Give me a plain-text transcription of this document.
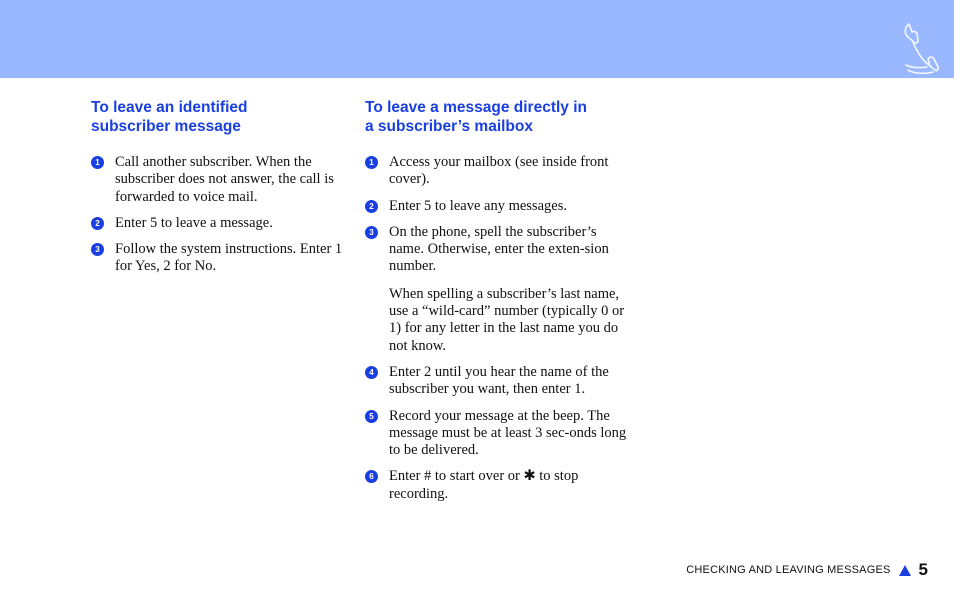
To leave an identified
subscriber message
1 Call another subscriber. When the subscriber does not answer, the call is forwarded to voice mail.

2 Enter 5 to leave a message.

3 Follow the system instructions. Enter 1 for Yes, 2 for No.

To leave a message directly in
a subscriber’s mailbox
1 Access your mailbox (see inside front cover).

2 Enter 5 to leave any messages.

3 On the phone, spell the subscriber’s name. Otherwise, enter the exten-sion number.

When spelling a subscriber’s last name, use a “wild-card” number (typically 0 or 1) for any letter in the last name you do not know.

4 Enter 2 until you hear the name of the subscriber you want, then enter 1.

5 Record your message at the beep. The message must be at least 3 sec-onds long to be delivered.

6 Enter # to start over or ✱ to stop recording.

CHECKING AND LEAVING MESSAGES 5
